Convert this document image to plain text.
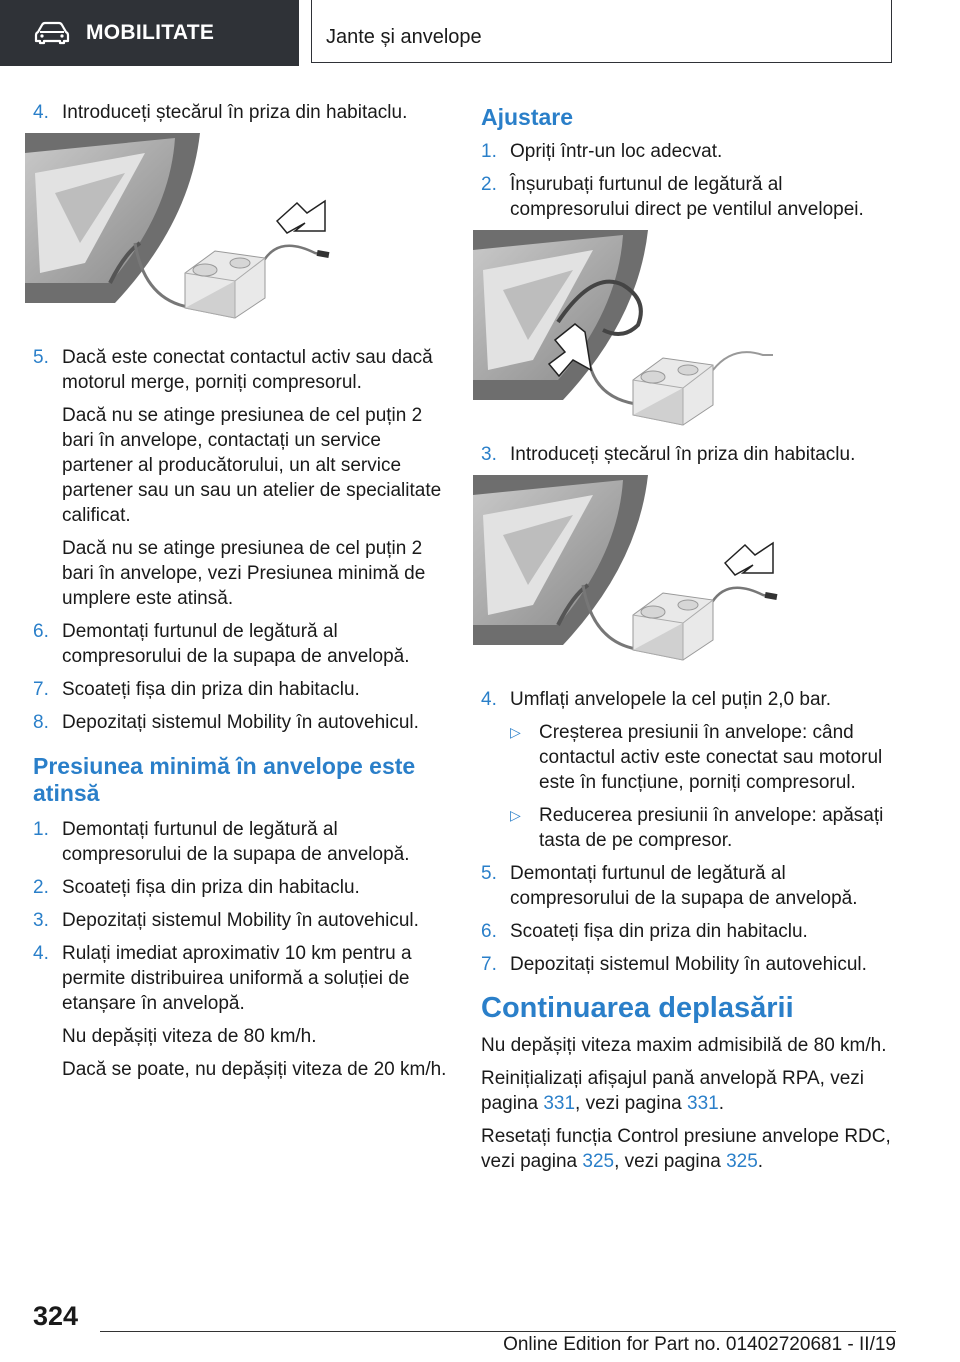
MOBILITATE	Jante și anvelope
4. Introduceți ștecărul în priza din habitaclu.
5. Dacă este conectat contactul activ sau dacă motorul merge, porniți compresorul.
Dacă nu se atinge presiunea de cel puțin 2 bari în anvelope, contactați un service partener al producătorului, un alt service partener sau un sau un atelier de specialitate calificat.
Dacă nu se atinge presiunea de cel puțin 2 bari în anvelope, vezi Presiunea minimă de umplere este atinsă.
6. Demontați furtunul de legătură al compresorului de la supapa de anvelopă.
7. Scoateți fișa din priza din habitaclu.
8. Depozitați sistemul Mobility în autovehicul.
Presiunea minimă în anvelope este atinsă
1. Demontați furtunul de legătură al compresorului de la supapa de anvelopă.
2. Scoateți fișa din priza din habitaclu.
3. Depozitați sistemul Mobility în autovehicul.
4. Rulați imediat aproximativ 10 km pentru a permite distribuirea uniformă a soluției de etanșare în anvelopă.
Nu depășiți viteza de 80 km/h.
Dacă se poate, nu depășiți viteza de 20 km/h.
Ajustare
1. Opriți într-un loc adecvat.
2. Înșurubați furtunul de legătură al compresorului direct pe ventilul anvelopei.
3. Introduceți ștecărul în priza din habitaclu.
4. Umflați anvelopele la cel puțin 2,0 bar.
▷ Creșterea presiunii în anvelope: când contactul activ este conectat sau motorul este în funcțiune, porniți compresorul.
▷ Reducerea presiunii în anvelope: apăsați tasta de pe compresor.
5. Demontați furtunul de legătură al compresorului de la supapa de anvelopă.
6. Scoateți fișa din priza din habitaclu.
7. Depozitați sistemul Mobility în autovehicul.
Continuarea deplasării
Nu depășiți viteza maxim admisibilă de 80 km/h.
Reinițializați afișajul pană anvelopă RPA, vezi pagina 331, vezi pagina 331.
Resetați funcția Control presiune anvelope RDC, vezi pagina 325, vezi pagina 325.
324
Online Edition for Part no. 01402720681 - II/19
